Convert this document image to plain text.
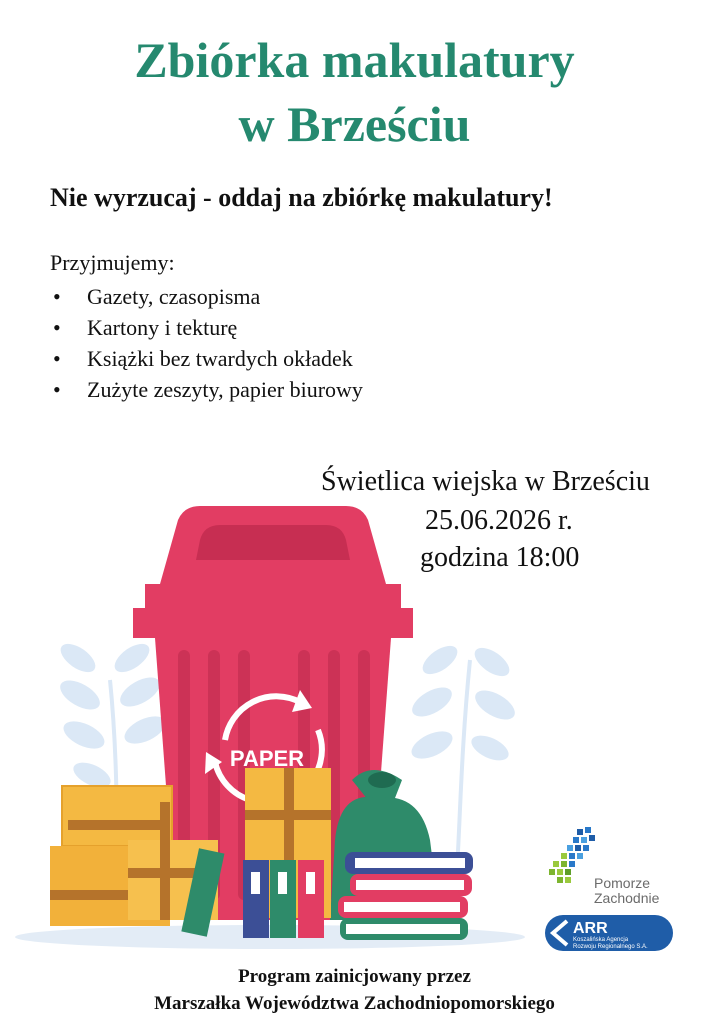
Zbiórka makulatury
w Brześciu
Nie wyrzucaj - oddaj na zbiórkę makulatury!
Przyjmujemy:
• Gazety, czasopisma
• Kartony i tekturę
• Książki bez twardych okładek
• Zużyte zeszyty, papier biurowy
PAPER
Świetlica wiejska w Brześciu
25.06.2026 r.
godzina 18:00
Pomorze
Zachodnie
ARR
Koszalińska Agencja
Rozwoju Regionalnego S.A.
Program zainicjowany przez
Marszałka Województwa Zachodniopomorskiego
